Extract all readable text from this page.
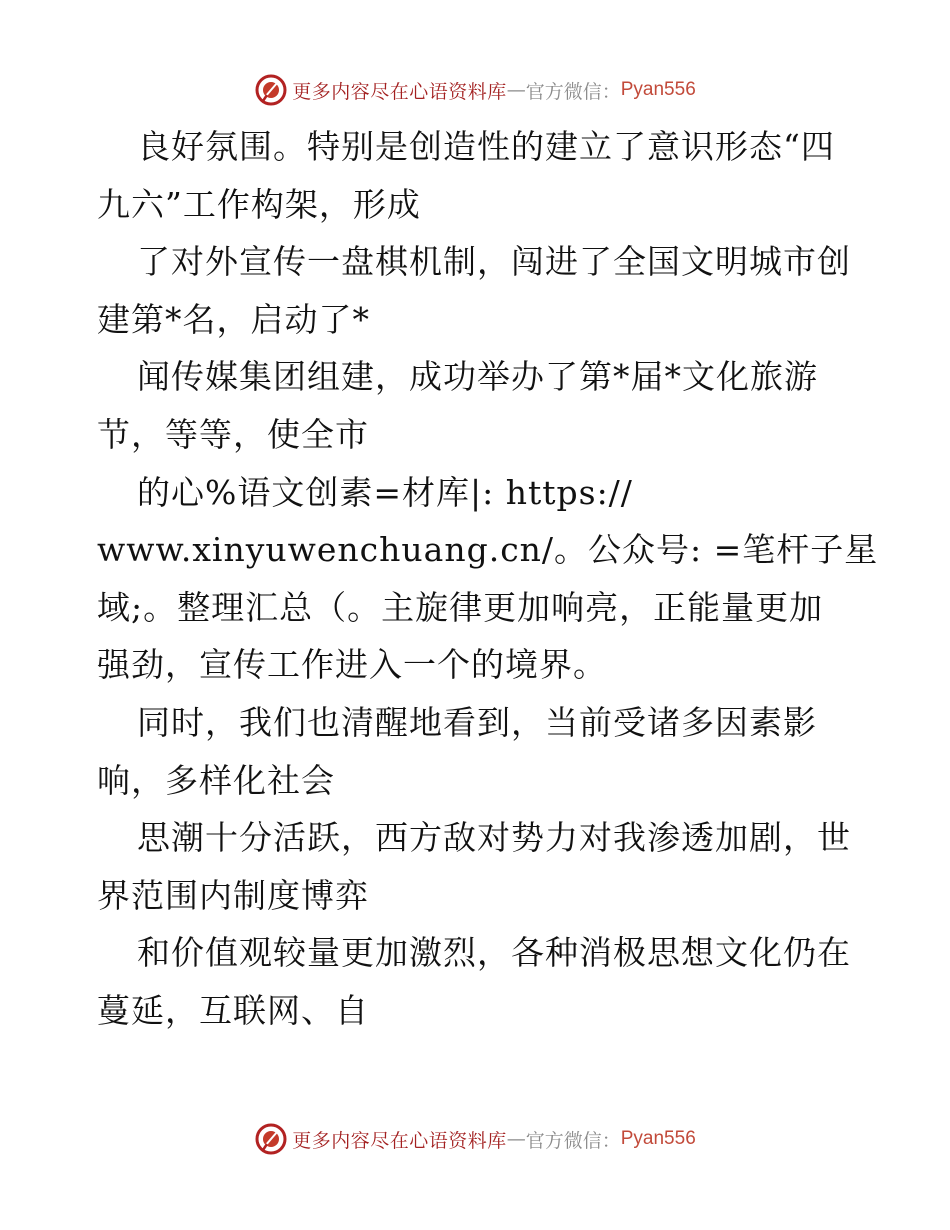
更多内容尽在心语资料库 — 官方微信： Pyan556
良好氛围。特别是创造性的建立了意识形态“四
九六”工作构架，形成
了对外宣传一盘棋机制，闯进了全国文明城市创
建第*名，启动了*
闻传媒集团组建，成功举办了第*届*文化旅游
节，等等，使全市
的心%语文创素=材库|: https://
www.xinyuwenchuang.cn/。公众号: =笔杆子星
域;。整理汇总（。主旋律更加响亮，正能量更加
强劲，宣传工作进入一个的境界。
同时，我们也清醒地看到，当前受诸多因素影
响，多样化社会
思潮十分活跃，西方敌对势力对我渗透加剧，世
界范围内制度博弈
和价值观较量更加激烈，各种消极思想文化仍在
蔓延，互联网、自
更多内容尽在心语资料库 — 官方微信： Pyan556
